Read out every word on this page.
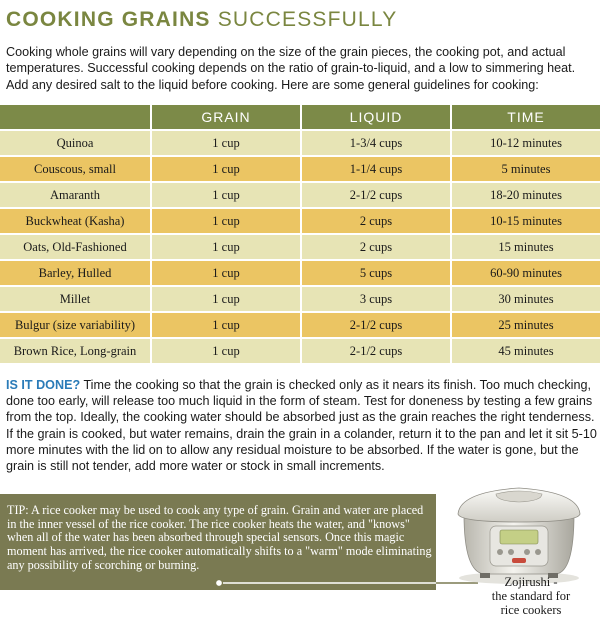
COOKING GRAINS SUCCESSFULLY

Cooking whole grains will vary depending on the size of the grain pieces, the cooking pot, and actual temperatures. Successful cooking depends on the ratio of grain-to-liquid, and a low to simmering heat. Add any desired salt to the liquid before cooking. Here are some general guidelines for cooking:

	GRAIN	LIQUID	TIME
Quinoa	1 cup	1-3/4 cups	10-12 minutes
Couscous, small	1 cup	1-1/4 cups	5 minutes
Amaranth	1 cup	2-1/2 cups	18-20 minutes
Buckwheat (Kasha)	1 cup	2 cups	10-15 minutes
Oats, Old-Fashioned	1 cup	2 cups	15 minutes
Barley, Hulled	1 cup	5 cups	60-90 minutes
Millet	1 cup	3 cups	30 minutes
Bulgur (size variability)	1 cup	2-1/2 cups	25 minutes
Brown Rice, Long-grain	1 cup	2-1/2 cups	45 minutes

IS IT DONE? Time the cooking so that the grain is checked only as it nears its finish. Too much checking, done too early, will release too much liquid in the form of steam. Test for doneness by testing a few grains from the top. Ideally, the cooking water should be absorbed just as the grain reaches the right tenderness. If the grain is cooked, but water remains, drain the grain in a colander, return it to the pan and let it sit 5-10 more minutes with the lid on to allow any residual moisture to be absorbed. If the water is gone, but the grain is still not tender, add more water or stock in small increments.

TIP: A rice cooker may be used to cook any type of grain. Grain and water are placed in the inner vessel of the rice cooker. The rice cooker heats the water, and "knows" when all of the water has been absorbed through special sensors. Once this magic moment has arrived, the rice cooker automatically shifts to a "warm" mode eliminating any possibility of scorching or burning.

Zojirushi -
the standard for
rice cookers
